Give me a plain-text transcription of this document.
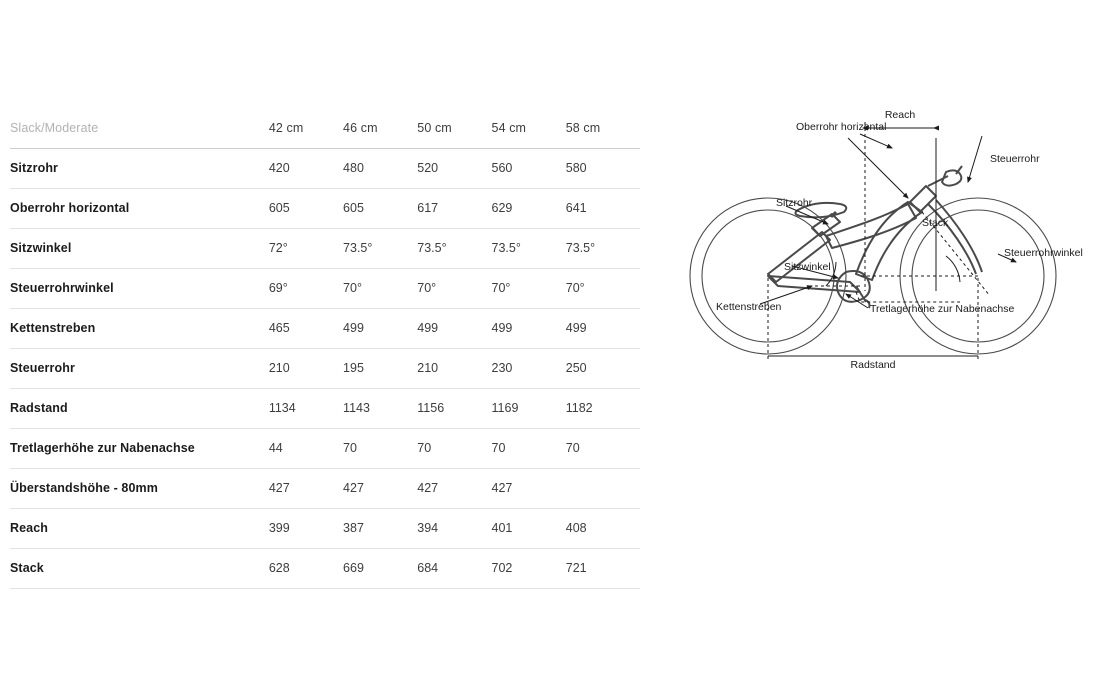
Slack/Moderate	42 cm	46 cm	50 cm	54 cm	58 cm
Sitzrohr	420	480	520	560	580
Oberrohr horizontal	605	605	617	629	641
Sitzwinkel	72°	73.5°	73.5°	73.5°	73.5°
Steuerrohrwinkel	69°	70°	70°	70°	70°
Kettenstreben	465	499	499	499	499
Steuerrohr	210	195	210	230	250
Radstand	1134	1143	1156	1169	1182
Tretlagerhöhe zur Nabenachse	44	70	70	70	70
Überstandshöhe - 80mm	427	427	427	427	
Reach	399	387	394	401	408
Stack	628	669	684	702	721
Reach
Oberrohr horizontal
Steuerrohr
Stack
Sitzrohr
Sitzwinkel
Kettenstreben	Tretlagerhöhe zur Nabenachse
Steuerrohrwinkel
Radstand
